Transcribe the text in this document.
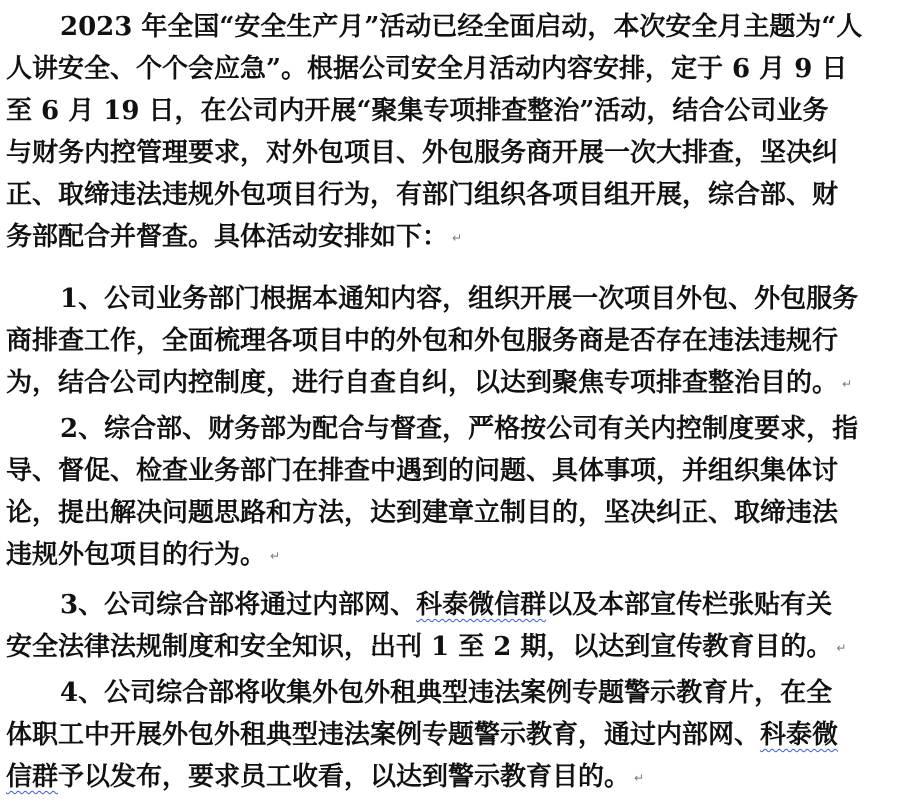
2023 年全国“安全生产月”活动已经全面启动，本次安全月主题为“人
人讲安全、个个会应急”。根据公司安全月活动内容安排，定于 6 月 9 日
至 6 月 19 日，在公司内开展“聚集专项排查整治”活动，结合公司业务
与财务内控管理要求，对外包项目、外包服务商开展一次大排查，坚决纠
正、取缔违法违规外包项目行为，有部门组织各项目组开展，综合部、财
务部配合并督查。具体活动安排如下： ↵
1、公司业务部门根据本通知内容，组织开展一次项目外包、外包服务
商排查工作，全面梳理各项目中的外包和外包服务商是否存在违法违规行
为，结合公司内控制度，进行自查自纠，以达到聚焦专项排查整治目的。 ↵
2、综合部、财务部为配合与督查，严格按公司有关内控制度要求，指
导、督促、检查业务部门在排查中遇到的问题、具体事项，并组织集体讨
论，提出解决问题思路和方法，达到建章立制目的，坚决纠正、取缔违法
违规外包项目的行为。 ↵
3、公司综合部将通过内部网、科泰微信群以及本部宣传栏张贴有关
安全法律法规制度和安全知识，出刊 1 至 2 期，以达到宣传教育目的。 ↵
4、公司综合部将收集外包外租典型违法案例专题警示教育片，在全
体职工中开展外包外租典型违法案例专题警示教育，通过内部网、科泰微
信群予以发布，要求员工收看，以达到警示教育目的。 ↵
